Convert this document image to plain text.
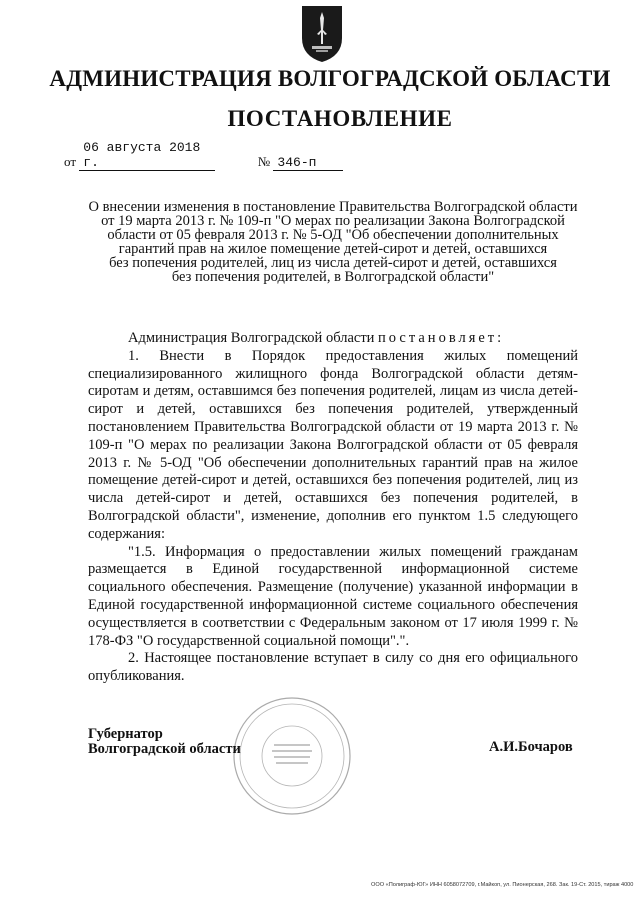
АДМИНИСТРАЦИЯ ВОЛГОГРАДСКОЙ ОБЛАСТИ
ПОСТАНОВЛЕНИЕ
от 06 августа 2018 г.	№ 346-п
О внесении изменения в постановление Правительства Волгоградской области
от 19 марта 2013 г. № 109-п "О мерах по реализации Закона Волгоградской
области от 05 февраля 2013 г. № 5-ОД "Об обеспечении дополнительных
гарантий прав на жилое помещение детей-сирот и детей, оставшихся
без попечения родителей, лиц из числа детей-сирот и детей, оставшихся
без попечения родителей, в Волгоградской области"

Администрация Волгоградской области постановляет:

1. Внести в Порядок предоставления жилых помещений специализированного жилищного фонда Волгоградской области детям-сиротам и детям, оставшимся без попечения родителей, лицам из числа детей-сирот и детей, оставшихся без попечения родителей, утвержденный постановлением Правительства Волгоградской области от 19 марта 2013 г. № 109-п "О мерах по реализации Закона Волгоградской области от 05 февраля 2013 г. № 5-ОД "Об обеспечении дополнительных гарантий прав на жилое помещение детей-сирот и детей, оставшихся без попечения родителей, лиц из числа детей-сирот и детей, оставшихся без попечения родителей, в Волгоградской области", изменение, дополнив его пунктом 1.5 следующего содержания:

"1.5. Информация о предоставлении жилых помещений гражданам размещается в Единой государственной информационной системе социального обеспечения. Размещение (получение) указанной информации в Единой государственной информационной системе социального обеспечения осуществляется в соответствии с Федеральным законом от 17 июля 1999 г. № 178-ФЗ "О государственной социальной помощи".".

2. Настоящее постановление вступает в силу со дня его официального опубликования.

Губернатор
Волгоградской области	А.И.Бочаров
ООО «Полиграф-ЮГ» ИНН 6058072709, г.Майкоп, ул. Пионерская, 268. Зак. 19-Ст. 2015, тираж 4000
